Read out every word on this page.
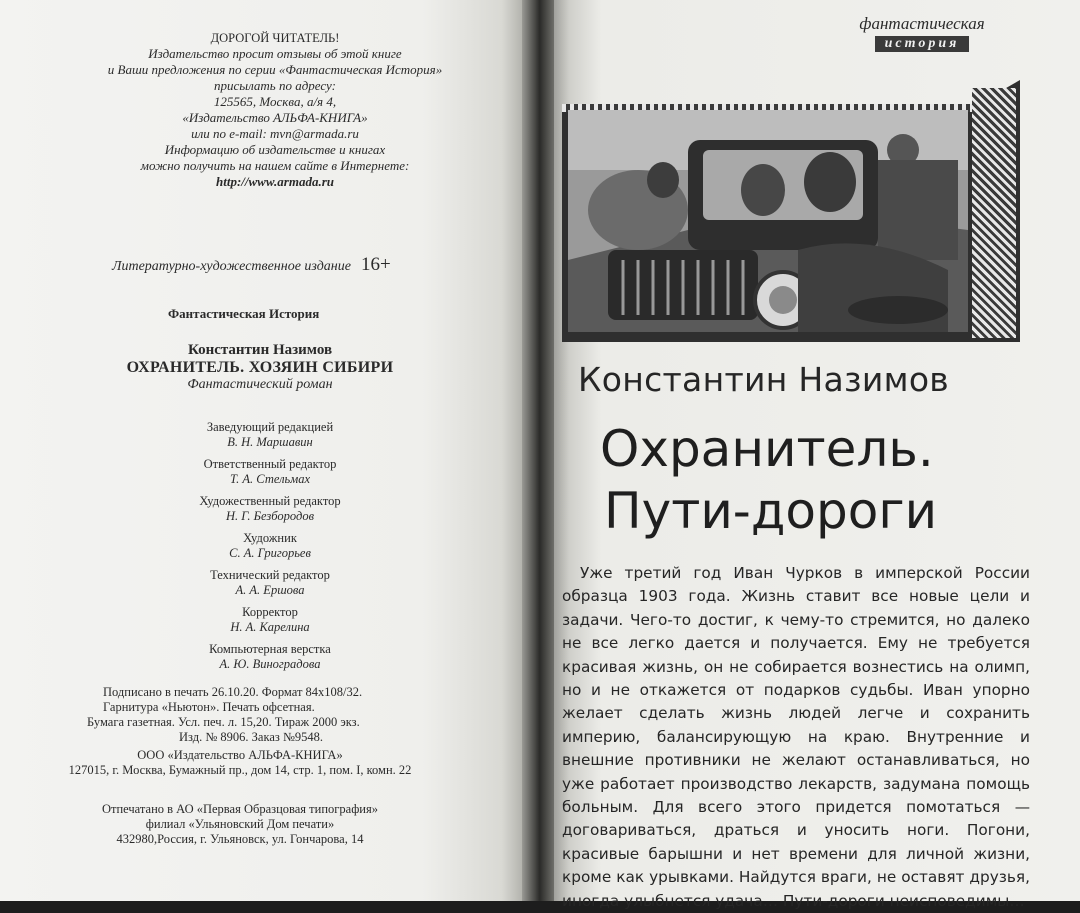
ДОРОГОЙ ЧИТАТЕЛЬ!
Издательство просит отзывы об этой книге
и Ваши предложения по серии «Фантастическая История»
присылать по адресу:
125565, Москва, а/я 4,
«Издательство АЛЬФА-КНИГА»
или по e-mail: mvn@armada.ru
Информацию об издательстве и книгах
можно получить на нашем сайте в Интернете:
http://www.armada.ru
Литературно-художественное издание 16+
Фантастическая История
Константин Назимов
ОХРАНИТЕЛЬ. ХОЗЯИН СИБИРИ
Фантастический роман
Заведующий редакцией
В. Н. Маршавин
Ответственный редактор
Т. А. Стельмах
Художественный редактор
Н. Г. Безбородов
Художник
С. А. Григорьев
Технический редактор
А. А. Ершова
Корректор
Н. А. Карелина
Компьютерная верстка
А. Ю. Виноградова
Подписано в печать 26.10.20. Формат 84x108/32.
Гарнитура «Ньютон». Печать офсетная.
Бумага газетная. Усл. печ. л. 15,20. Тираж 2000 экз.
Изд. № 8906. Заказ №9548.
ООО «Издательство АЛЬФА-КНИГА»
127015, г. Москва, Бумажный пр., дом 14, стр. 1, пом. I, комн. 22
Отпечатано в АО «Первая Образцовая типография»
филиал «Ульяновский Дом печати»
432980,Россия, г. Ульяновск, ул. Гончарова, 14
фантастическая
история
Константин Назимов
Охранитель.
Пути-дороги

Уже третий год Иван Чурков в имперской России образца 1903 года. Жизнь ставит все новые цели и задачи. Чего-то достиг, к чему-то стремится, но далеко не все легко дается и получается. Ему не требуется красивая жизнь, он не собирается вознестись на олимп, но и не откажется от подарков судьбы. Иван упорно желает сделать жизнь людей легче и сохранить империю, балансирующую на краю. Внутренние и внешние противники не желают останавливаться, но уже работает производство лекарств, задумана помощь больным. Для всего этого придется помотаться — договариваться, драться и уносить ноги. Погони, красивые барышни и нет времени для личной жизни, кроме как урывками. Найдутся враги, не оставят друзья, иногда улыбнется удача… Пути-дороги неисповедимы…
